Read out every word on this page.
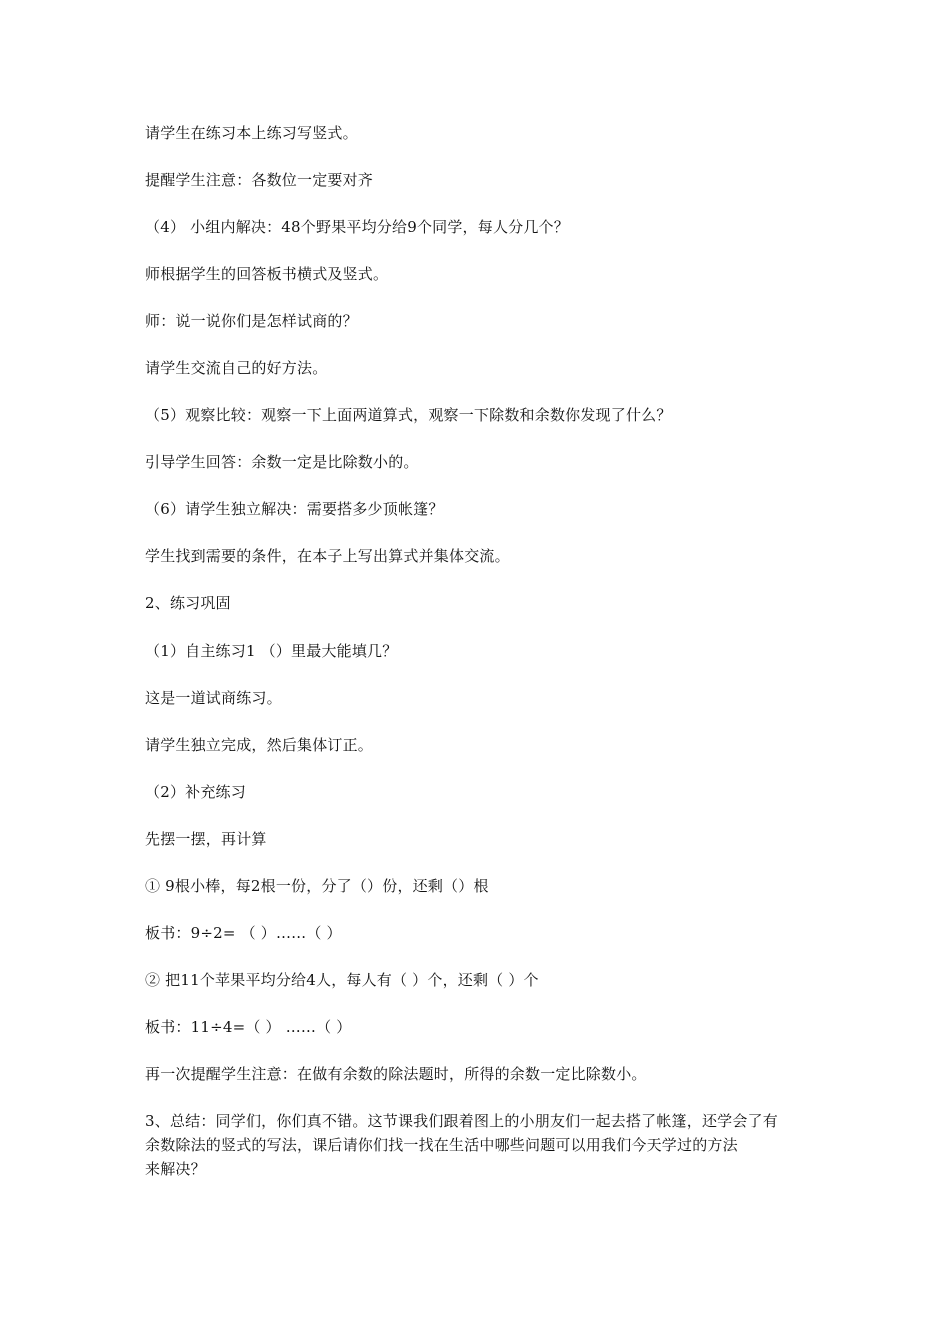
请学生在练习本上练习写竖式。
提醒学生注意：各数位一定要对齐
（4） 小组内解决：48个野果平均分给9个同学，每人分几个？
师根据学生的回答板书横式及竖式。
师：说一说你们是怎样试商的？
请学生交流自己的好方法。
（5）观察比较：观察一下上面两道算式，观察一下除数和余数你发现了什么？
引导学生回答：余数一定是比除数小的。
（6）请学生独立解决：需要搭多少顶帐篷？
学生找到需要的条件，在本子上写出算式并集体交流。
2、练习巩固
（1）自主练习1 （）里最大能填几？
这是一道试商练习。
请学生独立完成，然后集体订正。
（2）补充练习
先摆一摆，再计算
① 9根小棒，每2根一份，分了（）份，还剩（）根
板书：9÷2= （ ）……（ ）
② 把11个苹果平均分给4人，每人有（ ）个，还剩（ ）个
板书：11÷4=（ ） ……（ ）
再一次提醒学生注意：在做有余数的除法题时，所得的余数一定比除数小。
3、总结：同学们，你们真不错。这节课我们跟着图上的小朋友们一起去搭了帐篷，还学会了有
余数除法的竖式的写法，课后请你们找一找在生活中哪些问题可以用我们今天学过的方法
来解决？
